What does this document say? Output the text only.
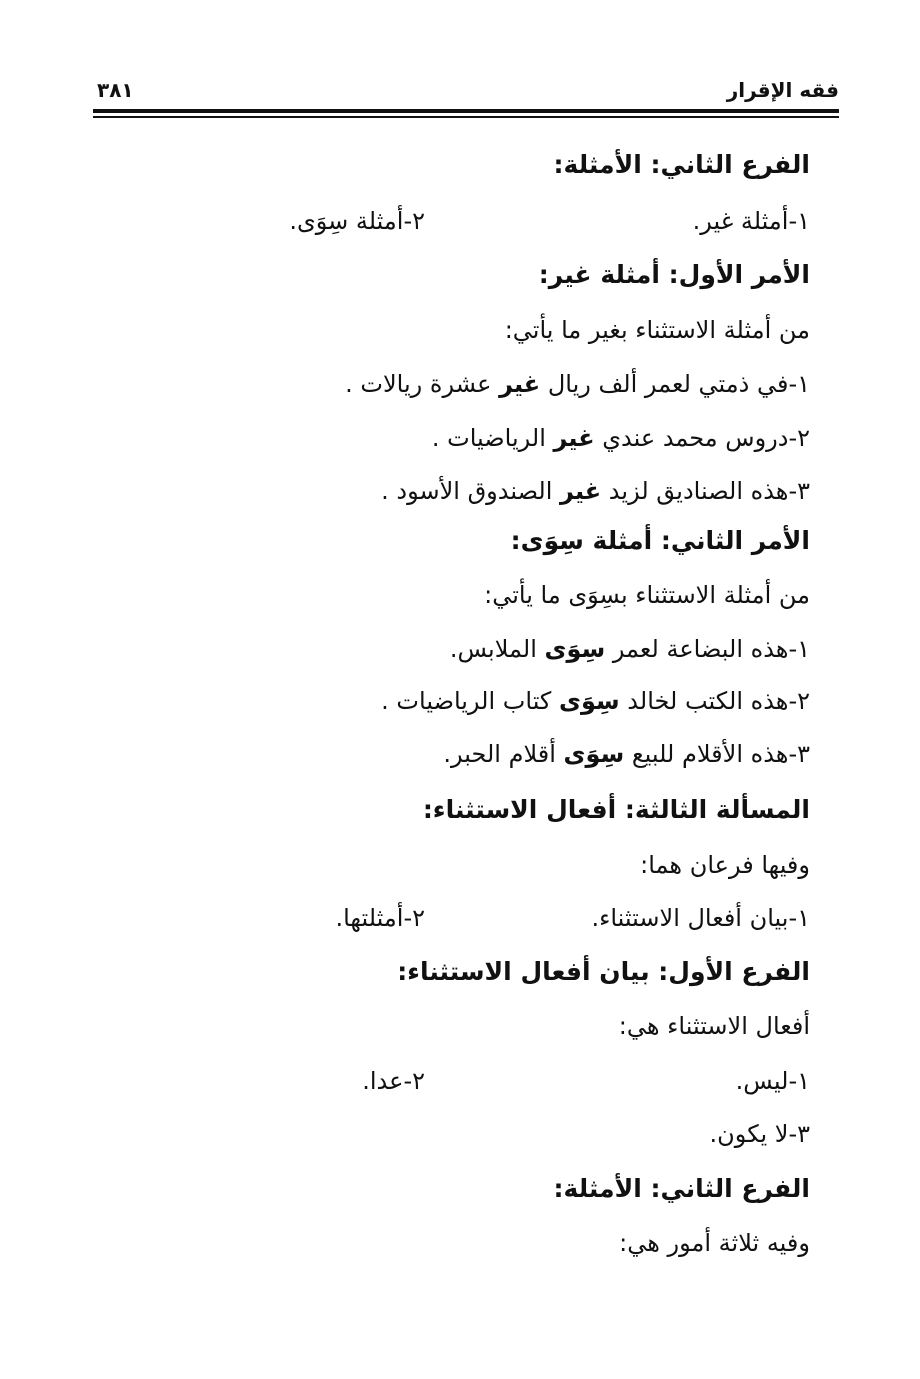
فقه الإقرار
٣٨١
الفرع الثاني: الأمثلة:
١-أمثلة غير.
٢-أمثلة سِوَى.
الأمر الأول: أمثلة غير:
من أمثلة الاستثناء بغير ما يأتي:
١-في ذمتي لعمر ألف ريال غير عشرة ريالات .
٢-دروس محمد عندي غير الرياضيات .
٣-هذه الصناديق لزيد غير الصندوق الأسود .
الأمر الثاني: أمثلة سِوَى:
من أمثلة الاستثناء بسِوَى ما يأتي:
١-هذه البضاعة لعمر سِوَى الملابس.
٢-هذه الكتب لخالد سِوَى كتاب الرياضيات .
٣-هذه الأقلام للبيع سِوَى أقلام الحبر.
المسألة الثالثة: أفعال الاستثناء:
وفيها فرعان هما:
١-بيان أفعال الاستثناء.
٢-أمثلتها.
الفرع الأول: بيان أفعال الاستثناء:
أفعال الاستثناء هي:
١-ليس.
٢-عدا.
٣-لا يكون.
الفرع الثاني: الأمثلة:
وفيه ثلاثة أمور هي:
